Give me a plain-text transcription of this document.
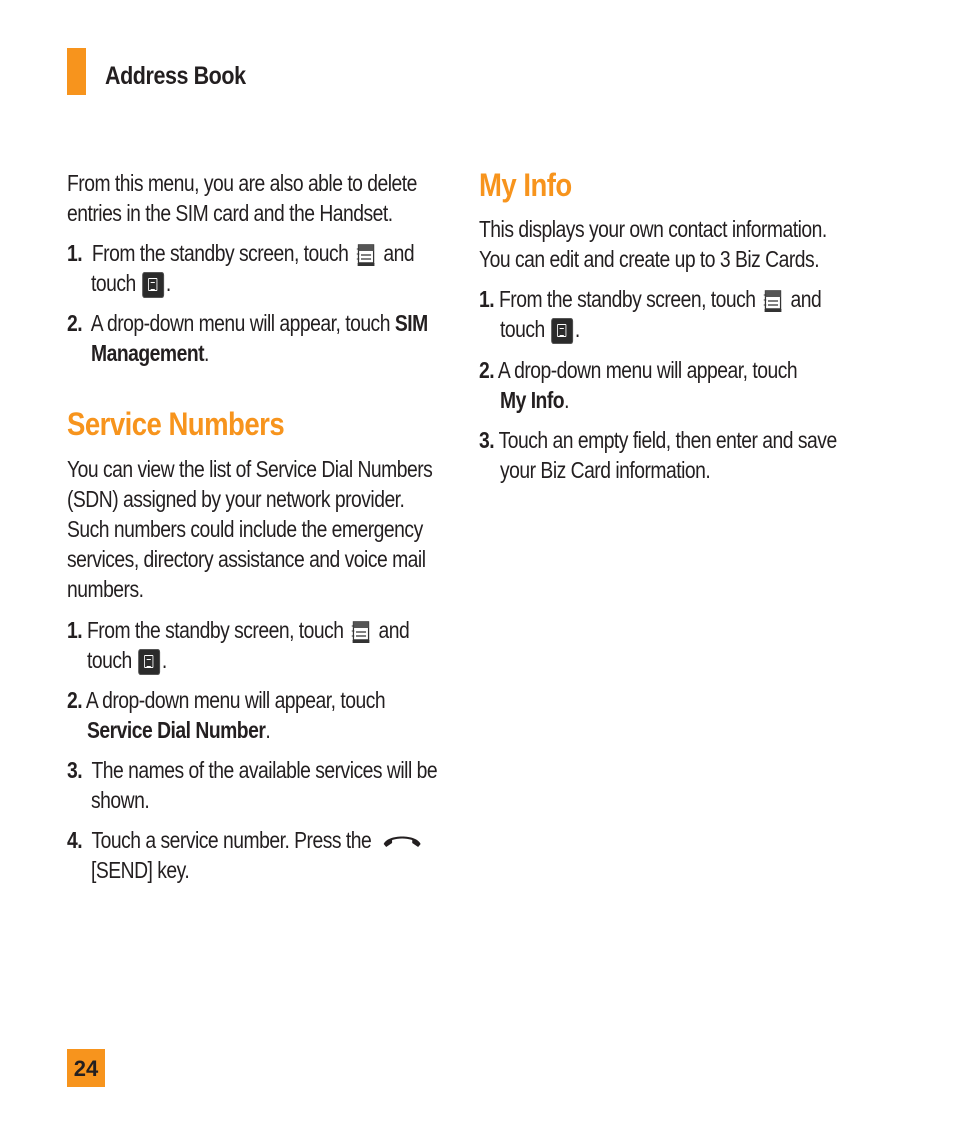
Address Book
From this menu, you are also able to delete
entries in the SIM card and the Handset.
1. From the standby screen, touch and
touch .
2. A drop-down menu will appear, touch SIM
Management.
Service Numbers
You can view the list of Service Dial Numbers
(SDN) assigned by your network provider.
Such numbers could include the emergency
services, directory assistance and voice mail
numbers.
1. From the standby screen, touch and
touch .
2. A drop-down menu will appear, touch
Service Dial Number.
3. The names of the available services will be
shown.
4. Touch a service number. Press the
[SEND] key.
My Info
This displays your own contact information.
You can edit and create up to 3 Biz Cards.
1. From the standby screen, touch and
touch .
2. A drop-down menu will appear, touch
My Info.
3. Touch an empty field, then enter and save
your Biz Card information.
24
